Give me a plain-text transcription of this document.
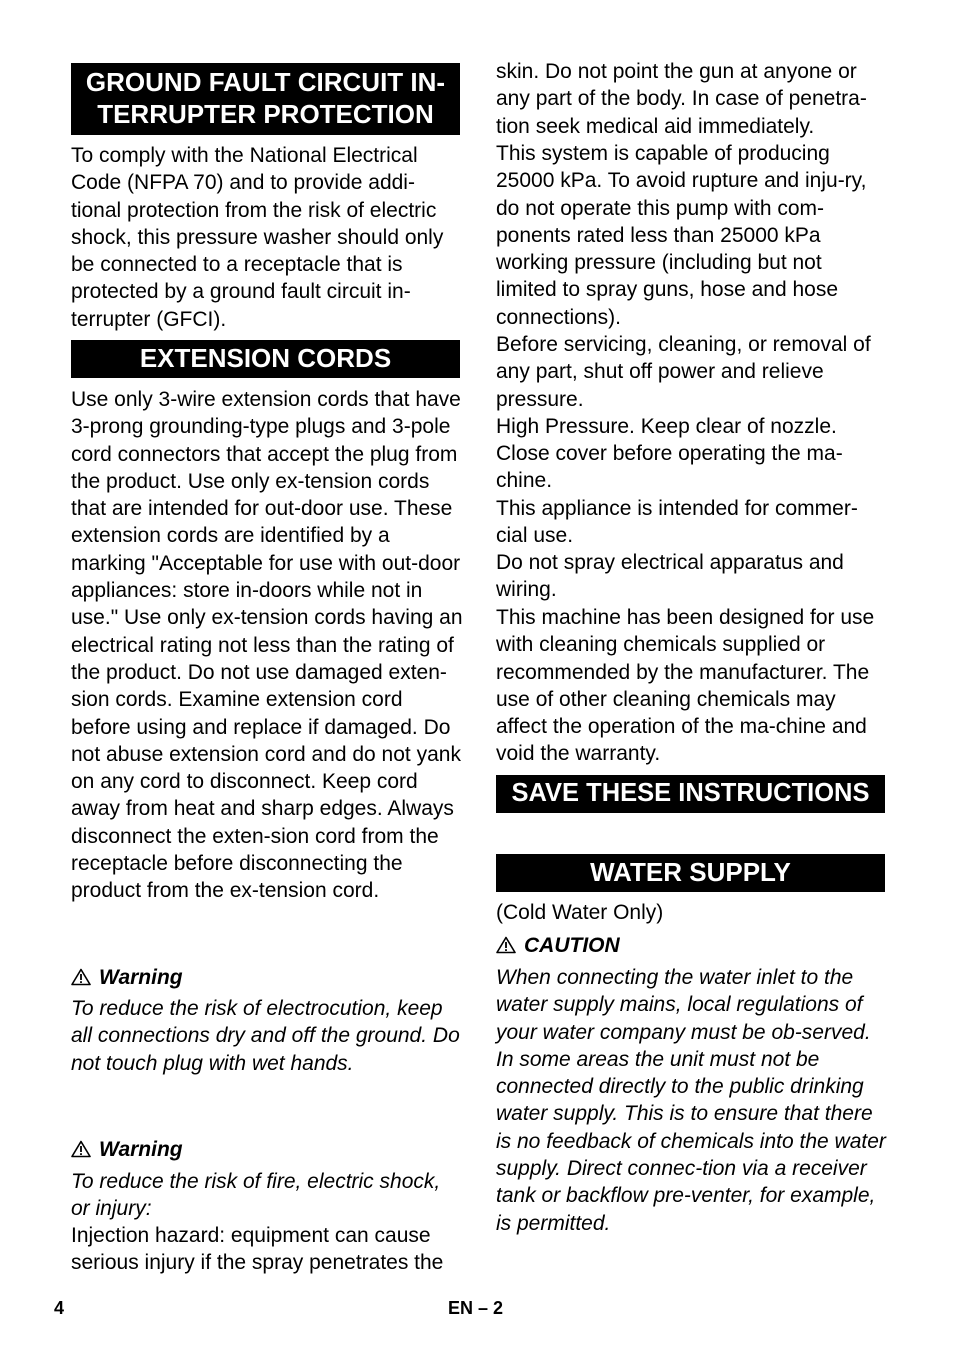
GROUND FAULT CIRCUIT IN-
TERRUPTER PROTECTION

To comply with the National Electrical Code (NFPA 70) and to provide addi-tional protection from the risk of electric shock, this pressure washer should only be connected to a receptacle that is protected by a ground fault circuit in-terrupter (GFCI).

EXTENSION CORDS

Use only 3-wire extension cords that have 3-prong grounding-type plugs and 3-pole cord connectors that accept the plug from the product. Use only ex-tension cords that are intended for out-door use. These extension cords are identified by a marking "Acceptable for use with out-door appliances: store in-doors while not in use." Use only ex-tension cords having an electrical rating not less than the rating of the product. Do not use damaged exten-sion cords. Examine extension cord before using and replace if damaged. Do not abuse extension cord and do not yank on any cord to disconnect. Keep cord away from heat and sharp edges. Always disconnect the exten-sion cord from the receptacle before disconnecting the product from the ex-tension cord.

Warning

To reduce the risk of electrocution, keep all connections dry and off the ground. Do not touch plug with wet hands.

Warning

To reduce the risk of fire, electric shock, or injury:

Injection hazard: equipment can cause serious injury if the spray penetrates the

skin. Do not point the gun at anyone or any part of the body. In case of penetra-tion seek medical aid immediately.

This system is capable of producing 25000 kPa. To avoid rupture and inju-ry, do not operate this pump with com-ponents rated less than 25000 kPa working pressure (including but not limited to spray guns, hose and hose connections).

Before servicing, cleaning, or removal of any part, shut off power and relieve pressure.

High Pressure. Keep clear of nozzle.

Close cover before operating the ma-chine.

This appliance is intended for commer-cial use.

Do not spray electrical apparatus and wiring.

This machine has been designed for use with cleaning chemicals supplied or recommended by the manufacturer. The use of other cleaning chemicals may affect the operation of the ma-chine and void the warranty.

SAVE THESE INSTRUCTIONS
WATER SUPPLY

(Cold Water Only)

CAUTION

When connecting the water inlet to the water supply mains, local regulations of your water company must be ob-served. In some areas the unit must not be connected directly to the public drinking water supply. This is to ensure that there is no feedback of chemicals into the water supply. Direct connec-tion via a receiver tank or backflow pre-venter, for example, is permitted.

4	EN – 2
